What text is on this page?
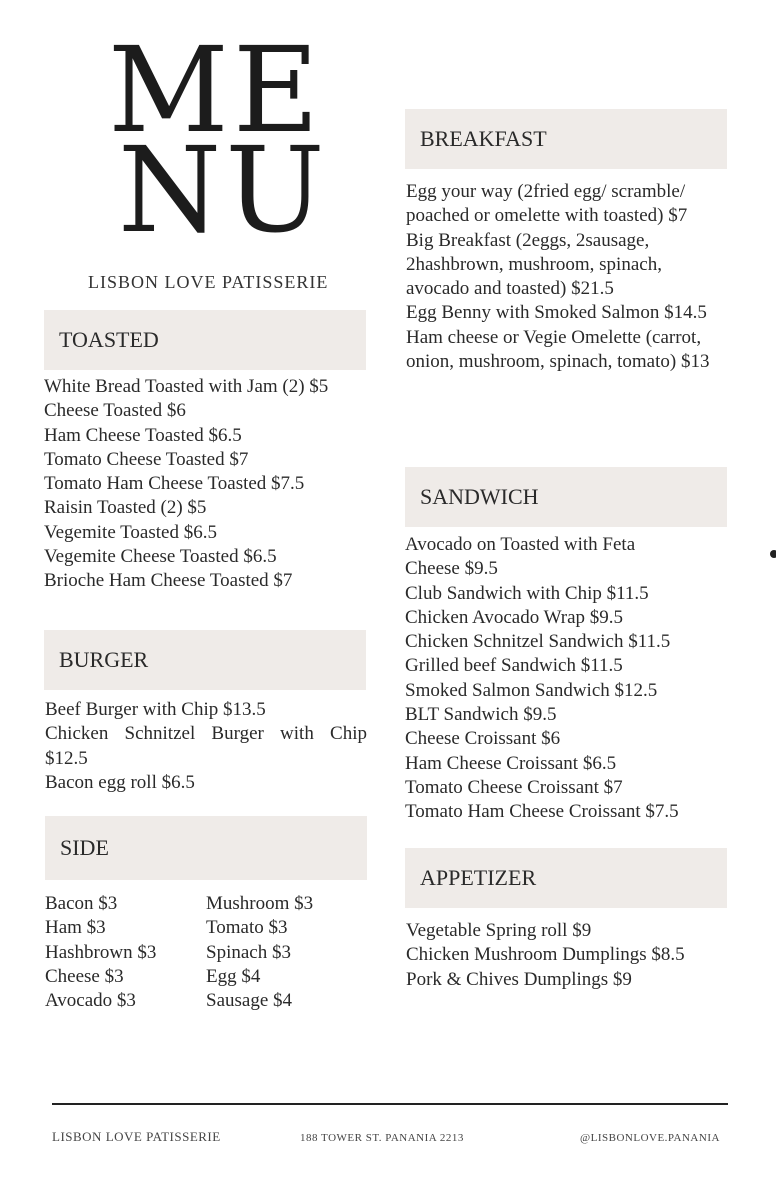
ME
NU
LISBON LOVE PATISSERIE
TOASTED
White Bread Toasted with Jam (2) $5
Cheese Toasted $6
Ham Cheese Toasted $6.5
Tomato Cheese Toasted $7
Tomato Ham Cheese Toasted $7.5
Raisin Toasted (2) $5
Vegemite Toasted $6.5
Vegemite Cheese Toasted $6.5
Brioche Ham Cheese Toasted $7
BURGER
Beef Burger with Chip $13.5
Chicken Schnitzel Burger with Chip $12.5
Bacon egg roll $6.5
SIDE
Bacon $3
Ham $3
Hashbrown $3
Cheese $3
Avocado $3
Mushroom $3
Tomato $3
Spinach $3
Egg $4
Sausage $4
BREAKFAST
Egg your way (2fried egg/ scramble/ poached or omelette with toasted) $7
Big Breakfast (2eggs, 2sausage, 2hashbrown, mushroom, spinach, avocado and toasted) $21.5
Egg Benny with Smoked Salmon $14.5
Ham cheese or Vegie Omelette (carrot, onion, mushroom, spinach, tomato) $13
SANDWICH
Avocado on Toasted with Feta Cheese $9.5
Club Sandwich with Chip $11.5
Chicken Avocado Wrap $9.5
Chicken Schnitzel Sandwich $11.5
Grilled beef Sandwich $11.5
Smoked Salmon Sandwich $12.5
BLT Sandwich $9.5
Cheese Croissant $6
Ham Cheese Croissant $6.5
Tomato Cheese Croissant $7
Tomato Ham Cheese Croissant $7.5
APPETIZER
Vegetable Spring roll $9
Chicken Mushroom Dumplings $8.5
Pork & Chives Dumplings $9
LISBON LOVE PATISSERIE	188 TOWER ST. PANANIA 2213	@LISBONLOVE.PANANIA
